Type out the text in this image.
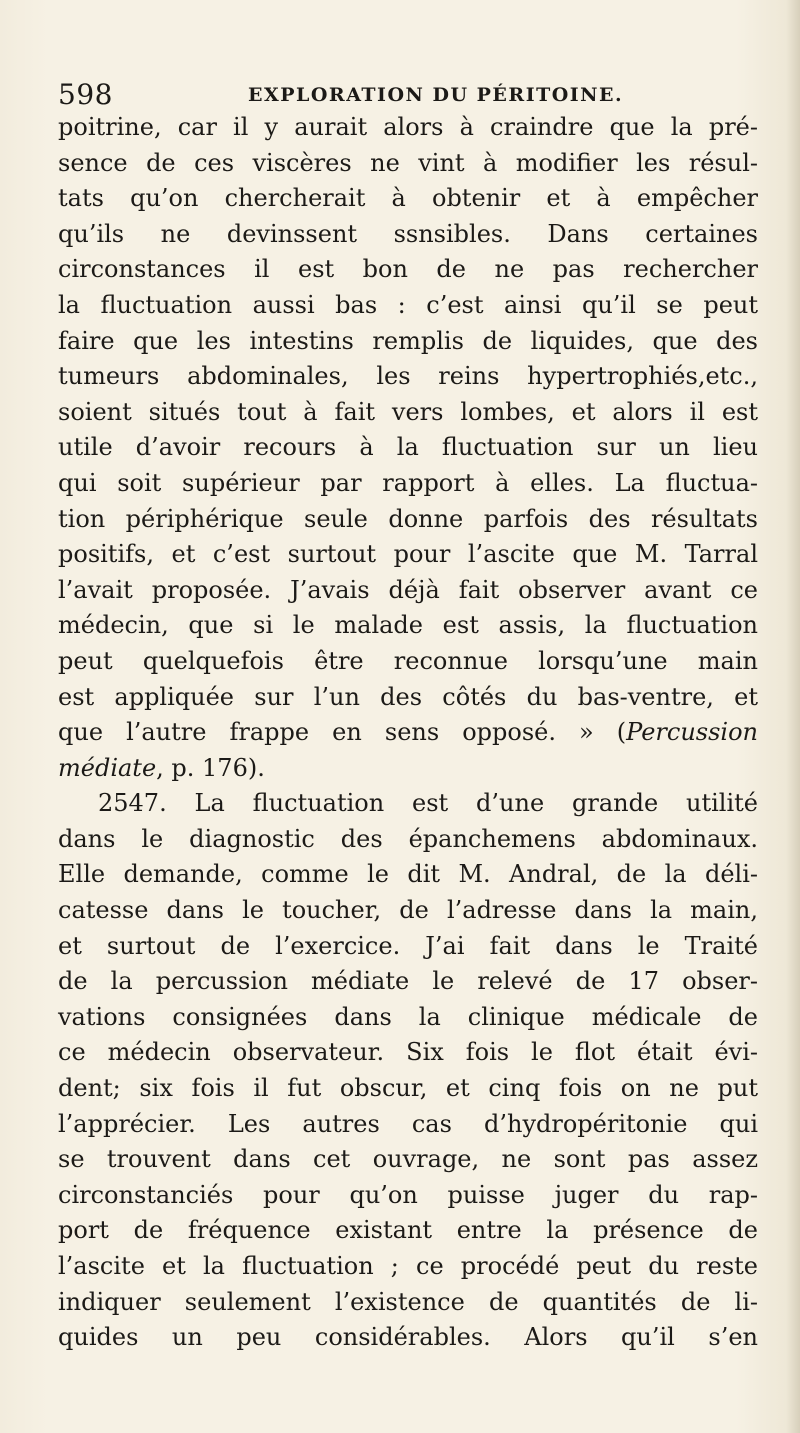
598	EXPLORATION DU PÉRITOINE.
poitrine, car il y aurait alors à craindre que la pré-
sence de ces viscères ne vint à modifier les résul-
tats qu’on chercherait à obtenir et à empêcher
qu’ils ne devinssent ssnsibles. Dans certaines
circonstances il est bon de ne pas rechercher
la fluctuation aussi bas : c’est ainsi qu’il se peut
faire que les intestins remplis de liquides, que des
tumeurs abdominales, les reins hypertrophiés,etc.,
soient situés tout à fait vers lombes, et alors il est
utile d’avoir recours à la fluctuation sur un lieu
qui soit supérieur par rapport à elles. La fluctua-
tion périphérique seule donne parfois des résultats
positifs, et c’est surtout pour l’ascite que M. Tarral
l’avait proposée. J’avais déjà fait observer avant ce
médecin, que si le malade est assis, la fluctuation
peut quelquefois être reconnue lorsqu’une main
est appliquée sur l’un des côtés du bas-ventre, et
que l’autre frappe en sens opposé. » (Percussion
médiate, p. 176).
2547. La fluctuation est d’une grande utilité
dans le diagnostic des épanchemens abdominaux.
Elle demande, comme le dit M. Andral, de la déli-
catesse dans le toucher, de l’adresse dans la main,
et surtout de l’exercice. J’ai fait dans le Traité
de la percussion médiate le relevé de 17 obser-
vations consignées dans la clinique médicale de
ce médecin observateur. Six fois le flot était évi-
dent; six fois il fut obscur, et cinq fois on ne put
l’apprécier. Les autres cas d’hydropéritonie qui
se trouvent dans cet ouvrage, ne sont pas assez
circonstanciés pour qu’on puisse juger du rap-
port de fréquence existant entre la présence de
l’ascite et la fluctuation ; ce procédé peut du reste
indiquer seulement l’existence de quantités de li-
quides un peu considérables. Alors qu’il s’en
